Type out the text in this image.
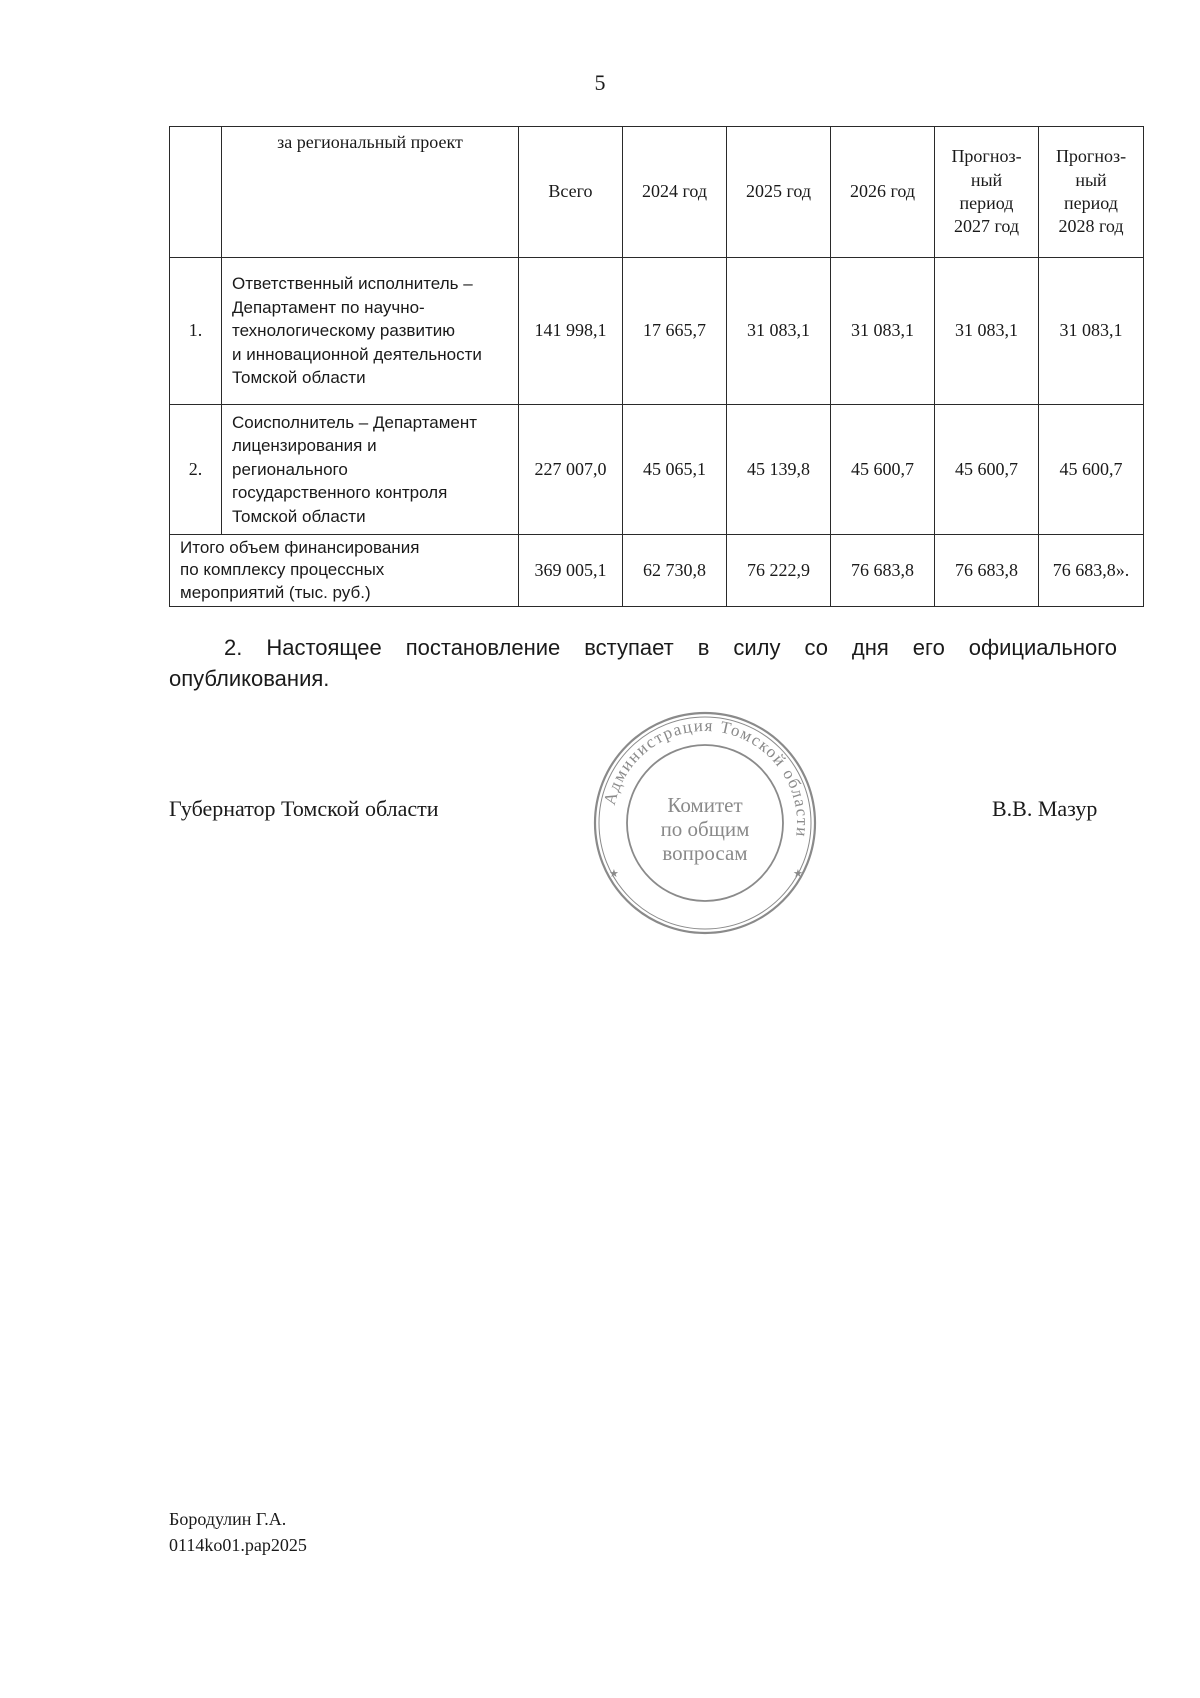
5
	за региональный проект	Всего	2024 год	2025 год	2026 год	Прогноз-
ный
период
2027 год	Прогноз-
ный
период
2028 год
1.	Ответственный исполнитель –
Департамент по научно-
технологическому развитию
и инновационной деятельности
Томской области	141 998,1	17 665,7	31 083,1	31 083,1	31 083,1	31 083,1
2.	Соисполнитель – Департамент
лицензирования и
регионального
государственного контроля
Томской области	227 007,0	45 065,1	45 139,8	45 600,7	45 600,7	45 600,7
Итого объем финансирования
по комплексу процессных
мероприятий (тыс. руб.)		369 005,1	62 730,8	76 222,9	76 683,8	76 683,8	76 683,8».
2. Настоящее постановление вступает в силу со дня его официального опубликования.
Губернатор Томской области	В.В. Мазур
Администрация Томской области
Комитет
по общим
вопросам
★	★
Бородулин Г.А.
0114ko01.pap2025
